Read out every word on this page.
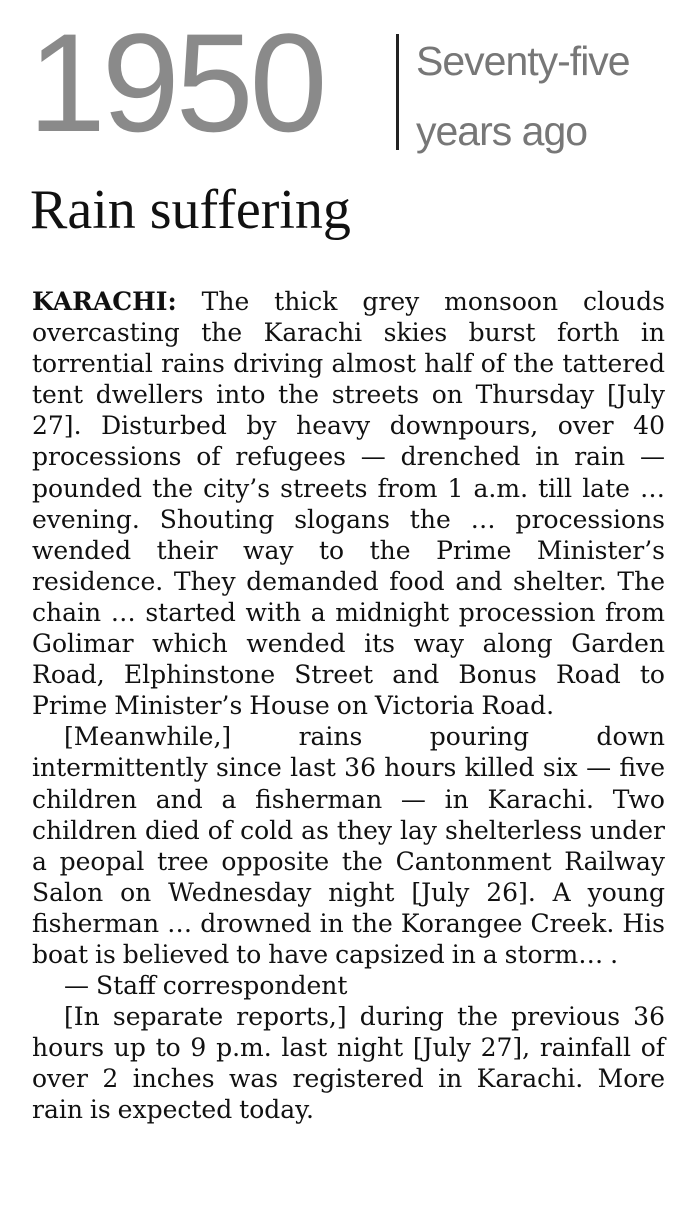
1950 Seventy-five
years ago
Rain suffering

KARACHI: The thick grey monsoon clouds overcasting the Karachi skies burst forth in torrential rains driving almost half of the tattered tent dwellers into the streets on Thursday [July 27]. Disturbed by heavy downpours, over 40 processions of refugees — drenched in rain — pounded the city’s streets from 1 a.m. till late … evening. Shouting slogans the … processions wended their way to the Prime Minister’s residence. They demanded food and shelter. The chain … started with a midnight procession from Golimar which wended its way along Garden Road, Elphinstone Street and Bonus Road to Prime Minister’s House on Victoria Road.

[Meanwhile,] rains pouring down intermittently since last 36 hours killed six — five children and a fisherman — in Karachi. Two children died of cold as they lay shelterless under a peopal tree opposite the Cantonment Railway Salon on Wednesday night [July 26]. A young fisherman … drowned in the Korangee Creek. His boat is believed to have capsized in a storm… .
— Staff correspondent

[In separate reports,] during the previous 36 hours up to 9 p.m. last night [July 27], rainfall of over 2 inches was registered in Karachi. More rain is expected today.
